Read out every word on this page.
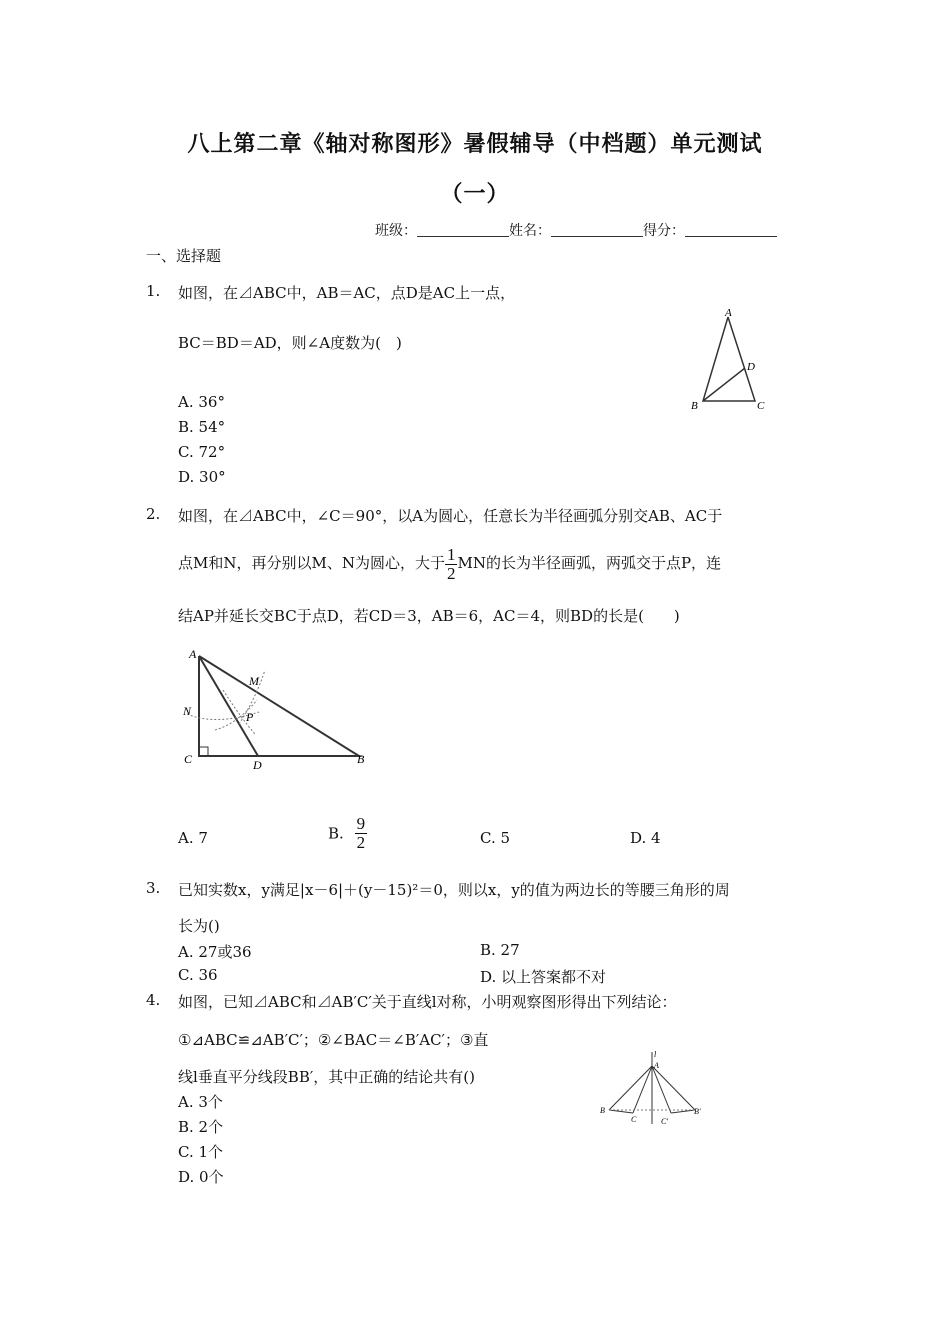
八上第二章《轴对称图形》暑假辅导（中档题）单元测试
（一）
班级：	姓名：	得分：
一、选择题
1. 如图，在⊿ABC中，AB＝AC，点D是AC上一点，
BC＝BD＝AD，则∠A度数为(　)
A. 36°
B. 54°
C. 72°
D. 30°
A
B	C
D
2. 如图，在⊿ABC中，∠C＝90°，以A为圆心，任意长为半径画弧分别交AB、AC于
点M和N，再分别以M、N为圆心，大于 $\frac{1}{2}$ MN的长为半径画弧，两弧交于点P，连
结AP并延长交BC于点D，若CD＝3，AB＝6，AC＝4，则BD的长是(　　)
A
M
N	P
C	D	B
A. 7	B. $\frac{9}{2}$	C. 5	D. 4
3. 已知实数x，y满足|x－6|＋(y－15)²＝0，则以x，y的值为两边长的等腰三角形的周
长为()
A. 27或36	B. 27
C. 36	D. 以上答案都不对
4. 如图，已知⊿ABC和⊿AB′C′关于直线l对称，小明观察图形得出下列结论：
①⊿ABC≌⊿AB′C′；②∠BAC＝∠B′AC′；③直
线l垂直平分线段BB′，其中正确的结论共有()
A. 3个
B. 2个
C. 1个
D. 0个
l
A
B
C	C′
B′
